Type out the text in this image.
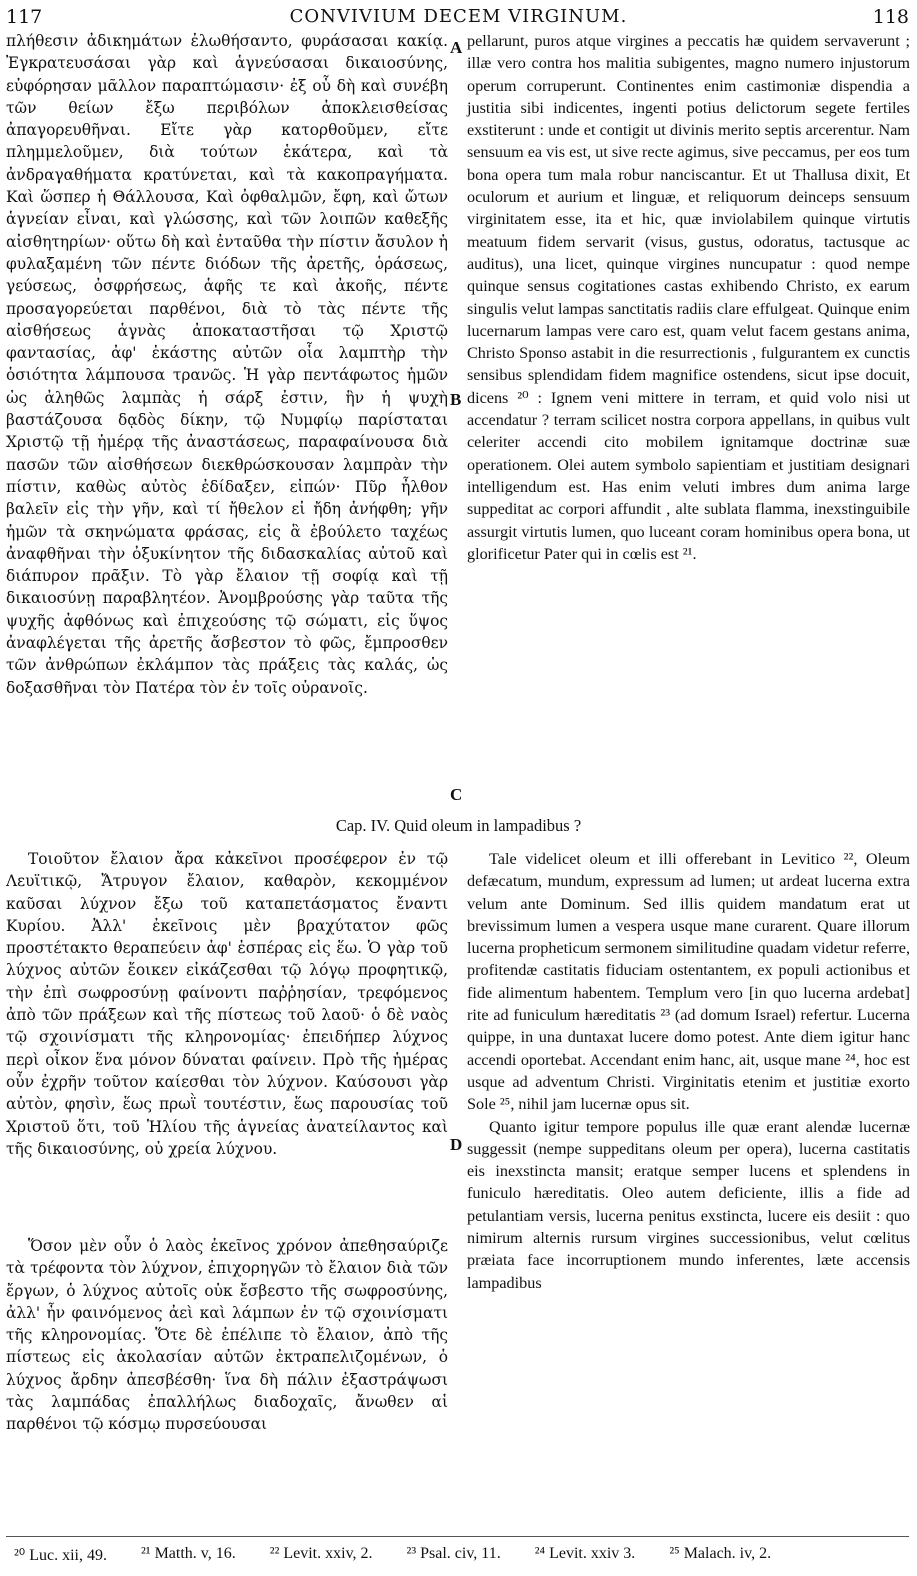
117	CONVIVIUM DECEM VIRGINUM.	118

πλήθεσιν ἀδικημάτων ἐλωθήσαντο, φυράσασαι κακίᾳ. Ἐγκρατευσάσαι γὰρ καὶ ἁγνεύσασαι δικαιοσύνης, εὐφόρησαν μᾶλλον παραπτώμασιν· ἐξ οὗ δὴ καὶ συνέβη τῶν θείων ἔξω περιβόλων ἀποκλεισθείσας ἀπαγορευθῆναι. Εἴτε γὰρ κατορθοῦμεν, εἴτε πλημμελοῦμεν, διὰ τούτων ἑκάτερα, καὶ τὰ ἀνδραγαθήματα κρατύνεται, καὶ τὰ κακοπραγήματα. Καὶ ὥσπερ ἡ Θάλλουσα, Καὶ ὀφθαλμῶν, ἔφη, καὶ ὤτων ἁγνείαν εἶναι, καὶ γλώσσης, καὶ τῶν λοιπῶν καθεξῆς αἰσθητηρίων· οὕτω δὴ καὶ ἐνταῦθα τὴν πίστιν ἄσυλον ἡ φυλαξαμένη τῶν πέντε διόδων τῆς ἀρετῆς, ὁράσεως, γεύσεως, ὀσφρήσεως, ἁφῆς τε καὶ ἀκοῆς, πέντε προσαγορεύεται παρθένοι, διὰ τὸ τὰς πέντε τῆς αἰσθήσεως ἁγνὰς ἀποκαταστῆσαι τῷ Χριστῷ φαντασίας, ἀφ' ἑκάστης αὐτῶν οἷα λαμπτὴρ τὴν ὁσιότητα λάμπουσα τρανῶς. Ἡ γὰρ πεντάφωτος ἡμῶν ὡς ἀληθῶς λαμπὰς ἡ σάρξ ἐστιν, ἣν ἡ ψυχὴ βαστάζουσα δᾳδὸς δίκην, τῷ Νυμφίῳ παρίσταται Χριστῷ τῇ ἡμέρᾳ τῆς ἀναστάσεως, παραφαίνουσα διὰ πασῶν τῶν αἰσθήσεων διεκθρώσκουσαν λαμπρὰν τὴν πίστιν, καθὼς αὐτὸς ἐδίδαξεν, εἰπών· Πῦρ ἦλθον βαλεῖν εἰς τὴν γῆν, καὶ τί ἤθελον εἰ ἤδη ἀνήφθη; γῆν ἡμῶν τὰ σκηνώματα φράσας, εἰς ἃ ἐβούλετο ταχέως ἀναφθῆναι τὴν ὀξυκίνητον τῆς διδασκαλίας αὐτοῦ καὶ διάπυρον πρᾶξιν. Τὸ γὰρ ἔλαιον τῇ σοφίᾳ καὶ τῇ δικαιοσύνῃ παραβλητέον. Ἀνομβρούσης γὰρ ταῦτα τῆς ψυχῆς ἀφθόνως καὶ ἐπιχεούσης τῷ σώματι, εἰς ὕψος ἀναφλέγεται τῆς ἀρετῆς ἄσβεστον τὸ φῶς, ἔμπροσθεν τῶν ἀνθρώπων ἐκλάμπον τὰς πράξεις τὰς καλάς, ὡς δοξασθῆναι τὸν Πατέρα τὸν ἐν τοῖς οὐρανοῖς.

pellarunt, puros atque virgines a peccatis hæ quidem servaverunt ; illæ vero contra hos malitia subigentes, magno numero injustorum operum corruperunt. Continentes enim castimoniæ dispendia a justitia sibi indicentes, ingenti potius delictorum segete fertiles exstiterunt : unde et contigit ut divinis merito septis arcerentur. Nam sensuum ea vis est, ut sive recte agimus, sive peccamus, per eos tum bona opera tum mala robur nanciscantur. Et ut Thallusa dixit, Et oculorum et aurium et linguæ, et reliquorum deinceps sensuum virginitatem esse, ita et hic, quæ inviolabilem quinque virtutis meatuum fidem servarit (visus, gustus, odoratus, tactusque ac auditus), una licet, quinque virgines nuncupatur : quod nempe quinque sensus cogitationes castas exhibendo Christo, ex earum singulis velut lampas sanctitatis radiis clare effulgeat. Quinque enim lucernarum lampas vere caro est, quam velut facem gestans anima, Christo Sponso astabit in die resurrectionis , fulgurantem ex cunctis sensibus splendidam fidem magnifice ostendens, sicut ipse docuit, dicens ²⁰ : Ignem veni mittere in terram, et quid volo nisi ut accendatur ? terram scilicet nostra corpora appellans, in quibus vult celeriter accendi cito mobilem ignitamque doctrinæ suæ operationem. Olei autem symbolo sapientiam et justitiam designari intelligendum est. Has enim veluti imbres dum anima large suppeditat ac corpori affundit , alte sublata flamma, inexstinguibile assurgit virtutis lumen, quo luceant coram hominibus opera bona, ut glorificetur Pater qui in cœlis est ²¹.

A
B
C
D
Cap. IV. Quid oleum in lampadibus ?

Τοιοῦτον ἔλαιον ἄρα κἀκεῖνοι προσέφερον ἐν τῷ Λευϊτικῷ, Ἄτρυγον ἔλαιον, καθαρὸν, κεκομμένον καῦσαι λύχνον ἔξω τοῦ καταπετάσματος ἔναντι Κυρίου. Ἀλλ' ἐκεῖνοις μὲν βραχύτατον φῶς προστέτακτο θεραπεύειν ἀφ' ἑσπέρας εἰς ἕω. Ὁ γὰρ τοῦ λύχνος αὐτῶν ἔοικεν εἰκάζεσθαι τῷ λόγῳ προφητικῷ, τὴν ἐπὶ σωφροσύνῃ φαίνοντι παῤῥησίαν, τρεφόμενος ἀπὸ τῶν πράξεων καὶ τῆς πίστεως τοῦ λαοῦ· ὁ δὲ ναὸς τῷ σχοινίσματι τῆς κληρονομίας· ἐπειδήπερ λύχνος περὶ οἶκον ἕνα μόνον δύναται φαίνειν. Πρὸ τῆς ἡμέρας οὖν ἐχρῆν τοῦτον καίεσθαι τὸν λύχνον. Καύσουσι γὰρ αὐτὸν, φησὶν, ἕως πρωῒ τουτέστιν, ἕως παρουσίας τοῦ Χριστοῦ ὅτι, τοῦ Ἡλίου τῆς ἁγνείας ἀνατείλαντος καὶ τῆς δικαιοσύνης, οὐ χρεία λύχνου.

Ὅσον μὲν οὖν ὁ λαὸς ἐκεῖνος χρόνον ἀπεθησαύριζε τὰ τρέφοντα τὸν λύχνον, ἐπιχορηγῶν τὸ ἔλαιον διὰ τῶν ἔργων, ὁ λύχνος αὐτοῖς οὐκ ἔσβεστο τῆς σωφροσύνης, ἀλλ' ἦν φαινόμενος ἀεὶ καὶ λάμπων ἐν τῷ σχοινίσματι τῆς κληρονομίας. Ὅτε δὲ ἐπέλιπε τὸ ἔλαιον, ἀπὸ τῆς πίστεως εἰς ἀκολασίαν αὐτῶν ἐκτραπελιζομένων, ὁ λύχνος ἄρδην ἀπεσβέσθη· ἵνα δὴ πάλιν ἐξαστράψωσι τὰς λαμπάδας ἐπαλλήλως διαδοχαῖς, ἄνωθεν αἱ παρθένοι τῷ κόσμῳ πυρσεύουσαι

Tale videlicet oleum et illi offerebant in Levitico ²², Oleum defæcatum, mundum, expressum ad lumen; ut ardeat lucerna extra velum ante Dominum. Sed illis quidem mandatum erat ut brevissimum lumen a vespera usque mane curarent. Quare illorum lucerna propheticum sermonem similitudine quadam videtur referre, profitendæ castitatis fiduciam ostentantem, ex populi actionibus et fide alimentum habentem. Templum vero [in quo lucerna ardebat] rite ad funiculum hæreditatis ²³ (ad domum Israel) refertur. Lucerna quippe, in una duntaxat lucere domo potest. Ante diem igitur hanc accendi oportebat. Accendant enim hanc, ait, usque mane ²⁴, hoc est usque ad adventum Christi. Virginitatis etenim et justitiæ exorto Sole ²⁵, nihil jam lucernæ opus sit.

Quanto igitur tempore populus ille quæ erant alendæ lucernæ suggessit (nempe suppeditans oleum per opera), lucerna castitatis eis inexstincta mansit; eratque semper lucens et splendens in funiculo hæreditatis. Oleo autem deficiente, illis a fide ad petulantiam versis, lucerna penitus exstincta, lucere eis desiit : quo nimirum alternis rursum virgines successionibus, velut cœlitus præiata face incorruptionem mundo inferentes, læte accensis lampadibus

²⁰ Luc. xii, 49. ²¹ Matth. v, 16. ²² Levit. xxiv, 2. ²³ Psal. civ, 11. ²⁴ Levit. xxiv 3. ²⁵ Malach. iv, 2.
